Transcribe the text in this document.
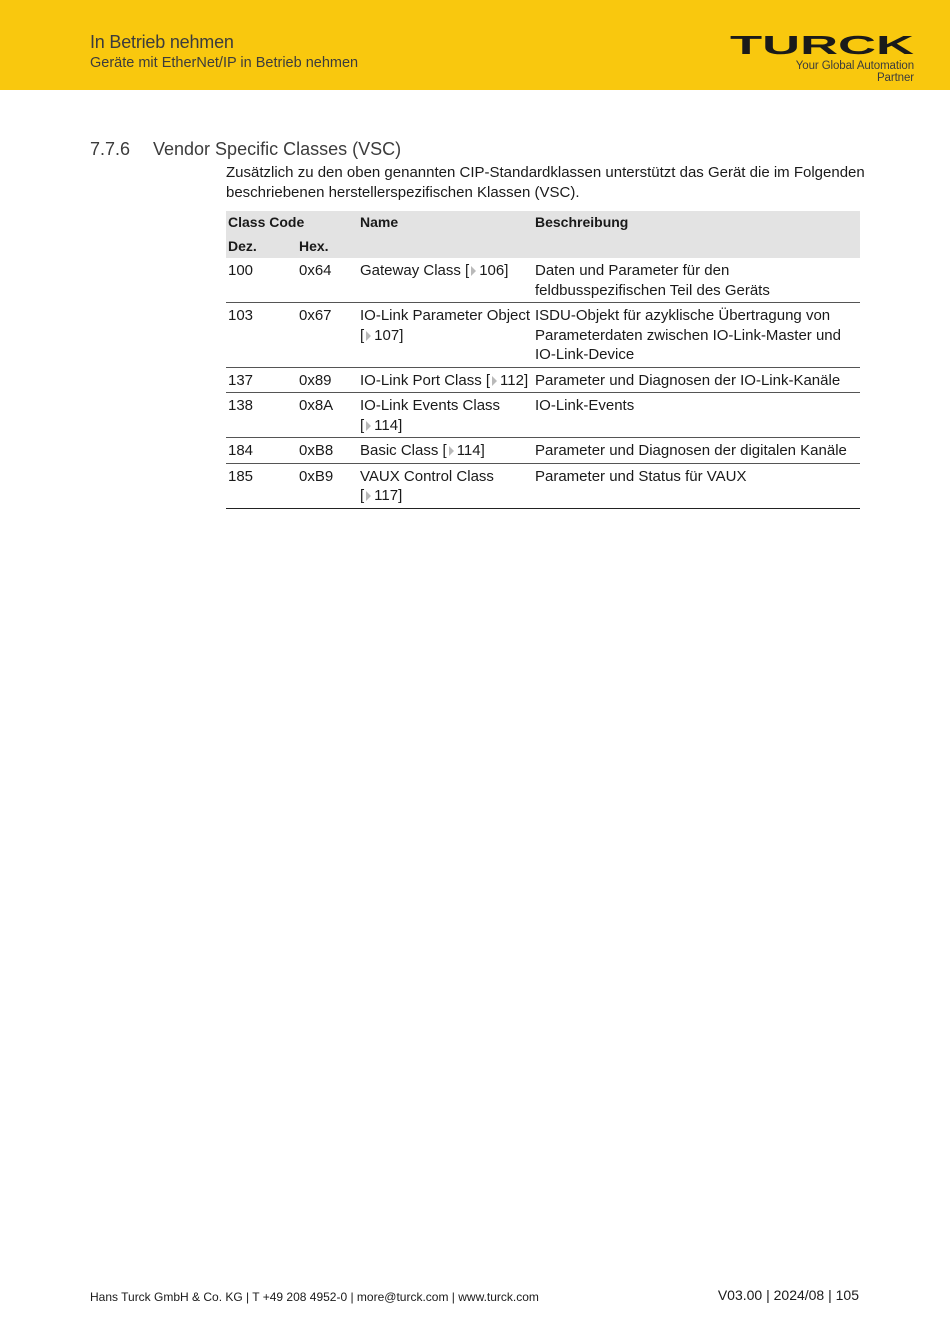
In Betrieb nehmen
Geräte mit EtherNet/IP in Betrieb nehmen
TURCK
Your Global Automation Partner
7.7.6 Vendor Specific Classes (VSC)
Zusätzlich zu den oben genannten CIP-Standardklassen unterstützt das Gerät die im Folgenden beschriebenen herstellerspezifischen Klassen (VSC).
Class Code		Name	Beschreibung
Dez.	Hex.		
100	0x64	Gateway Class [ 106]	Daten und Parameter für den feldbusspezifischen Teil des Geräts
103	0x67	IO-Link Parameter Object [ 107]	ISDU-Objekt für azyklische Übertragung von Parameterdaten zwischen IO-Link-Master und IO-Link-Device
137	0x89	IO-Link Port Class [ 112]	Parameter und Diagnosen der IO-Link-Kanäle
138	0x8A	IO-Link Events Class [ 114]	IO-Link-Events
184	0xB8	Basic Class [ 114]	Parameter und Diagnosen der digitalen Kanäle
185	0xB9	VAUX Control Class [ 117]	Parameter und Status für VAUX
Hans Turck GmbH & Co. KG | T +49 208 4952-0 | more@turck.com | www.turck.com	V03.00 | 2024/08 | 105
